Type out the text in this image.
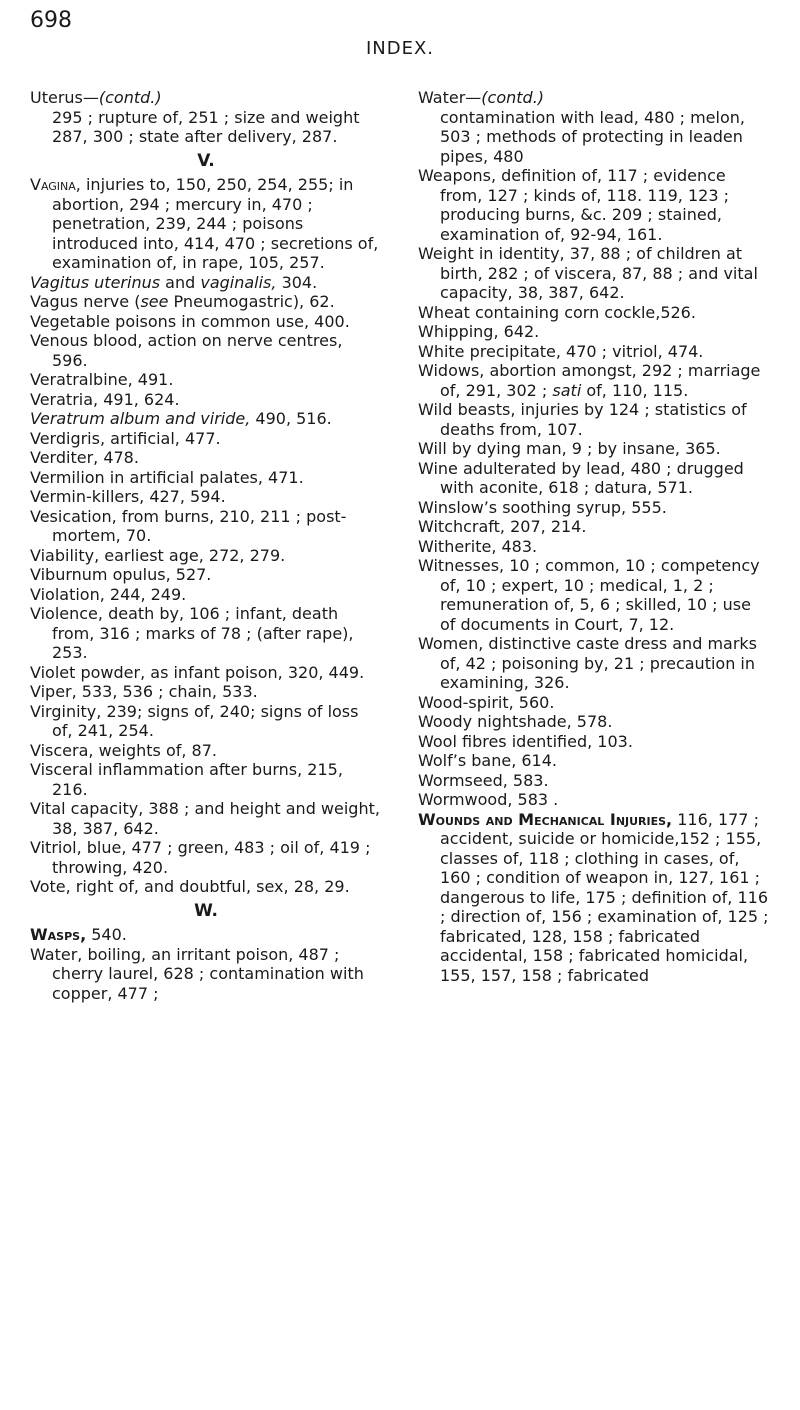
698
INDEX.

Uterus—(contd.)

295 ; rupture of, 251 ; size and weight 287, 300 ; state after delivery, 287.

V.

Vagina, injuries to, 150, 250, 254, 255; in abortion, 294 ; mercury in, 470 ; penetration, 239, 244 ; poisons introduced into, 414, 470 ; secretions of, examination of, in rape, 105, 257.

Vagitus uterinus and vaginalis, 304.

Vagus nerve (see Pneumogastric), 62.

Vegetable poisons in common use, 400.

Venous blood, action on nerve centres, 596.

Veratralbine, 491.

Veratria, 491, 624.

Veratrum album and viride, 490, 516.

Verdigris, artificial, 477.

Verditer, 478.

Vermilion in artificial palates, 471.

Vermin-killers, 427, 594.

Vesication, from burns, 210, 211 ; post-mortem, 70.

Viability, earliest age, 272, 279.

Viburnum opulus, 527.

Violation, 244, 249.

Violence, death by, 106 ; infant, death from, 316 ; marks of 78 ; (after rape), 253.

Violet powder, as infant poison, 320, 449.

Viper, 533, 536 ; chain, 533.

Virginity, 239; signs of, 240; signs of loss of, 241, 254.

Viscera, weights of, 87.

Visceral inflammation after burns, 215, 216.

Vital capacity, 388 ; and height and weight, 38, 387, 642.

Vitriol, blue, 477 ; green, 483 ; oil of, 419 ; throwing, 420.

Vote, right of, and doubtful, sex, 28, 29.

W.

Wasps, 540.

Water, boiling, an irritant poison, 487 ; cherry laurel, 628 ; contamination with copper, 477 ;

Water—(contd.)

contamination with lead, 480 ; melon, 503 ; methods of protecting in leaden pipes, 480

Weapons, definition of, 117 ; evidence from, 127 ; kinds of, 118. 119, 123 ; producing burns, &c. 209 ; stained, examination of, 92-94, 161.

Weight in identity, 37, 88 ; of children at birth, 282 ; of viscera, 87, 88 ; and vital capacity, 38, 387, 642.

Wheat containing corn cockle,526.

Whipping, 642.

White precipitate, 470 ; vitriol, 474.

Widows, abortion amongst, 292 ; marriage of, 291, 302 ; sati of, 110, 115.

Wild beasts, injuries by 124 ; statistics of deaths from, 107.

Will by dying man, 9 ; by insane, 365.

Wine adulterated by lead, 480 ; drugged with aconite, 618 ; datura, 571.

Winslow’s soothing syrup, 555.

Witchcraft, 207, 214.

Witherite, 483.

Witnesses, 10 ; common, 10 ; competency of, 10 ; expert, 10 ; medical, 1, 2 ; remuneration of, 5, 6 ; skilled, 10 ; use of documents in Court, 7, 12.

Women, distinctive caste dress and marks of, 42 ; poisoning by, 21 ; precaution in examining, 326.

Wood-spirit, 560.

Woody nightshade, 578.

Wool fibres identified, 103.

Wolf’s bane, 614.

Wormseed, 583.

Wormwood, 583 .

Wounds and Mechanical Injuries, 116, 177 ; accident, suicide or homicide,152 ; 155, classes of, 118 ; clothing in cases, of, 160 ; condition of weapon in, 127, 161 ; dangerous to life, 175 ; definition of, 116 ; direction of, 156 ; examination of, 125 ; fabricated, 128, 158 ; fabricated accidental, 158 ; fabricated homicidal, 155, 157, 158 ; fabricated
